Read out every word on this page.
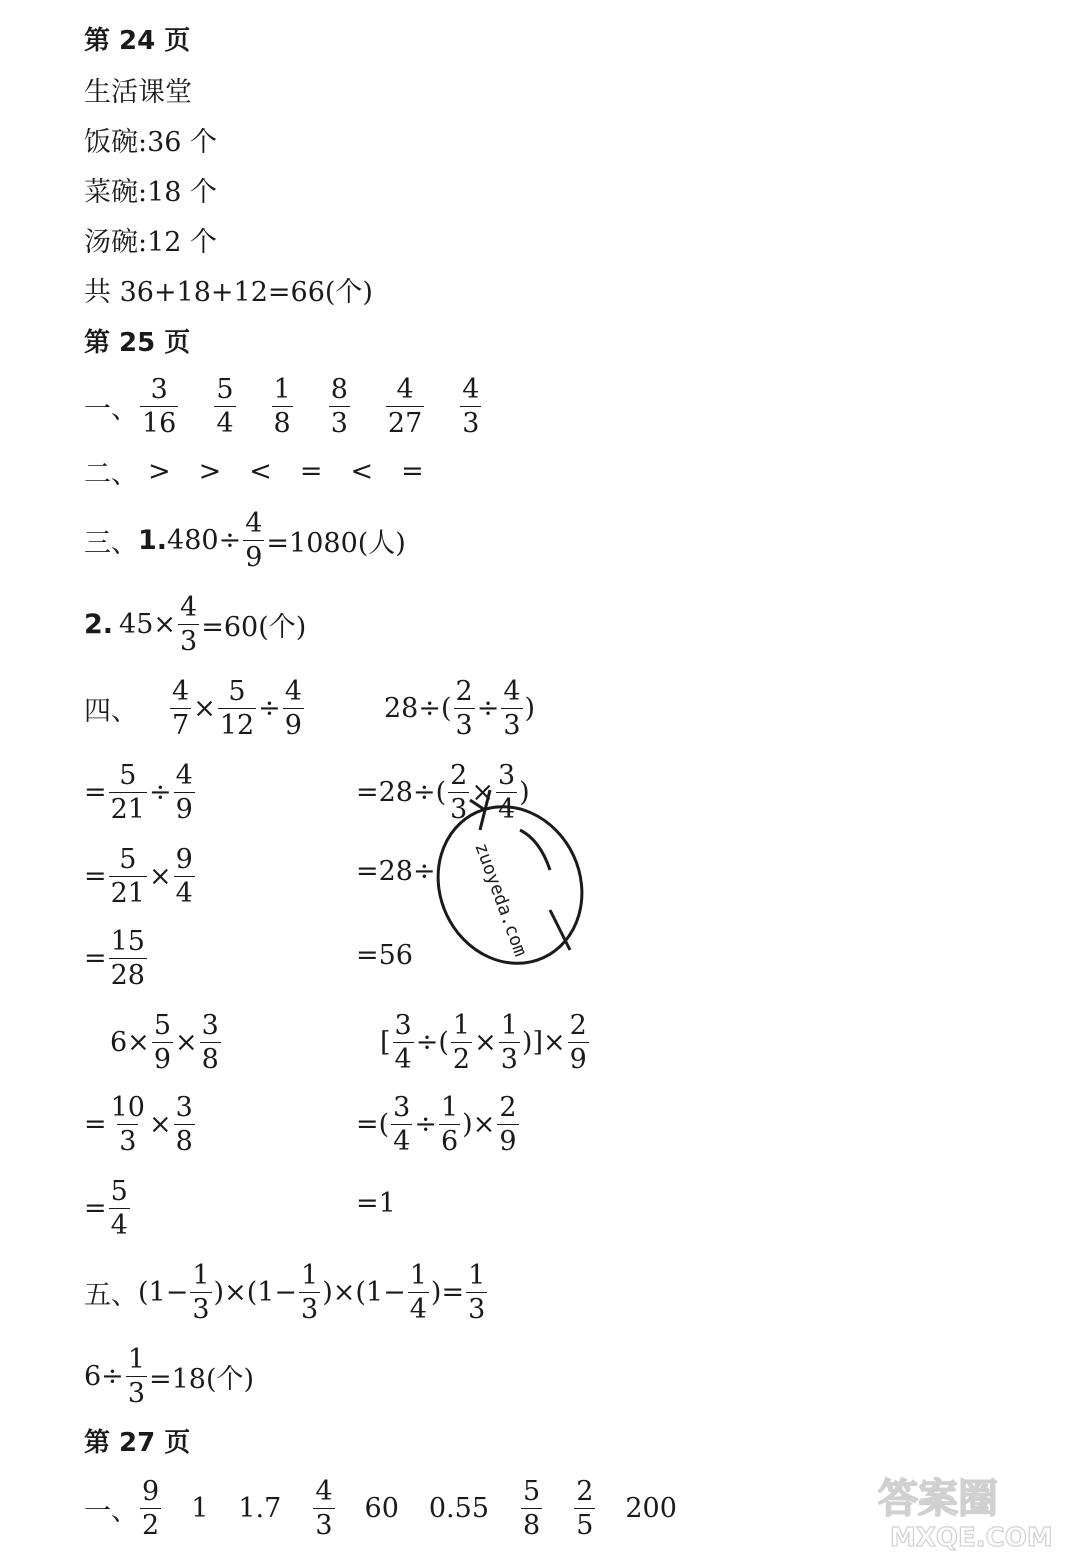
第 24 页
生活课堂
饭碗:36 个
菜碗:18 个
汤碗:12 个
共 36+18+12=66(个)
第 25 页
一、 $\frac{3}{16} \frac{5}{4} \frac{1}{8} \frac{8}{3} \frac{4}{27} \frac{4}{3}$
二、 > > < = < =
三、 1. $480\div \frac{4}{9} =1080$(人)
2. $45\times \frac{4}{3} =60$(个)
四、 $\frac{4}{7} \times \frac{5}{12} \div \frac{4}{9}$
= $\frac{5}{21} \div \frac{4}{9}$
= $\frac{5}{21} \times \frac{9}{4}$
= $\frac{15}{28}$
$28\div( \frac{2}{3} \div \frac{4}{3}$ )
$=28\div( \frac{2}{3} \times \frac{3}{4}$ )
=28÷
=56
$6\times \frac{5}{9} \times \frac{3}{8}$
= $\frac{10}{3} \times \frac{3}{8}$
= $\frac{5}{4}$
[ $\frac{3}{4}$ ÷( $\frac{1}{2} \times \frac{1}{3}$ )]× $\frac{2}{9}$
=( $\frac{3}{4} \div \frac{1}{6}$ )× $\frac{2}{9}$
=1
五、 $(1- \frac{1}{3} )\times(1- \frac{1}{3} )\times(1- \frac{1}{4}$ )= $\frac{1}{3}$
$6\div \frac{1}{3} =18$(个)
第 27 页
一、 $\frac{9}{2} 1$ $1.7 \frac{4}{3} 60$ $0.55 \frac{5}{8} \frac{2}{5} 200$
zuoyeda.com
答案圈
MXQE.COM
